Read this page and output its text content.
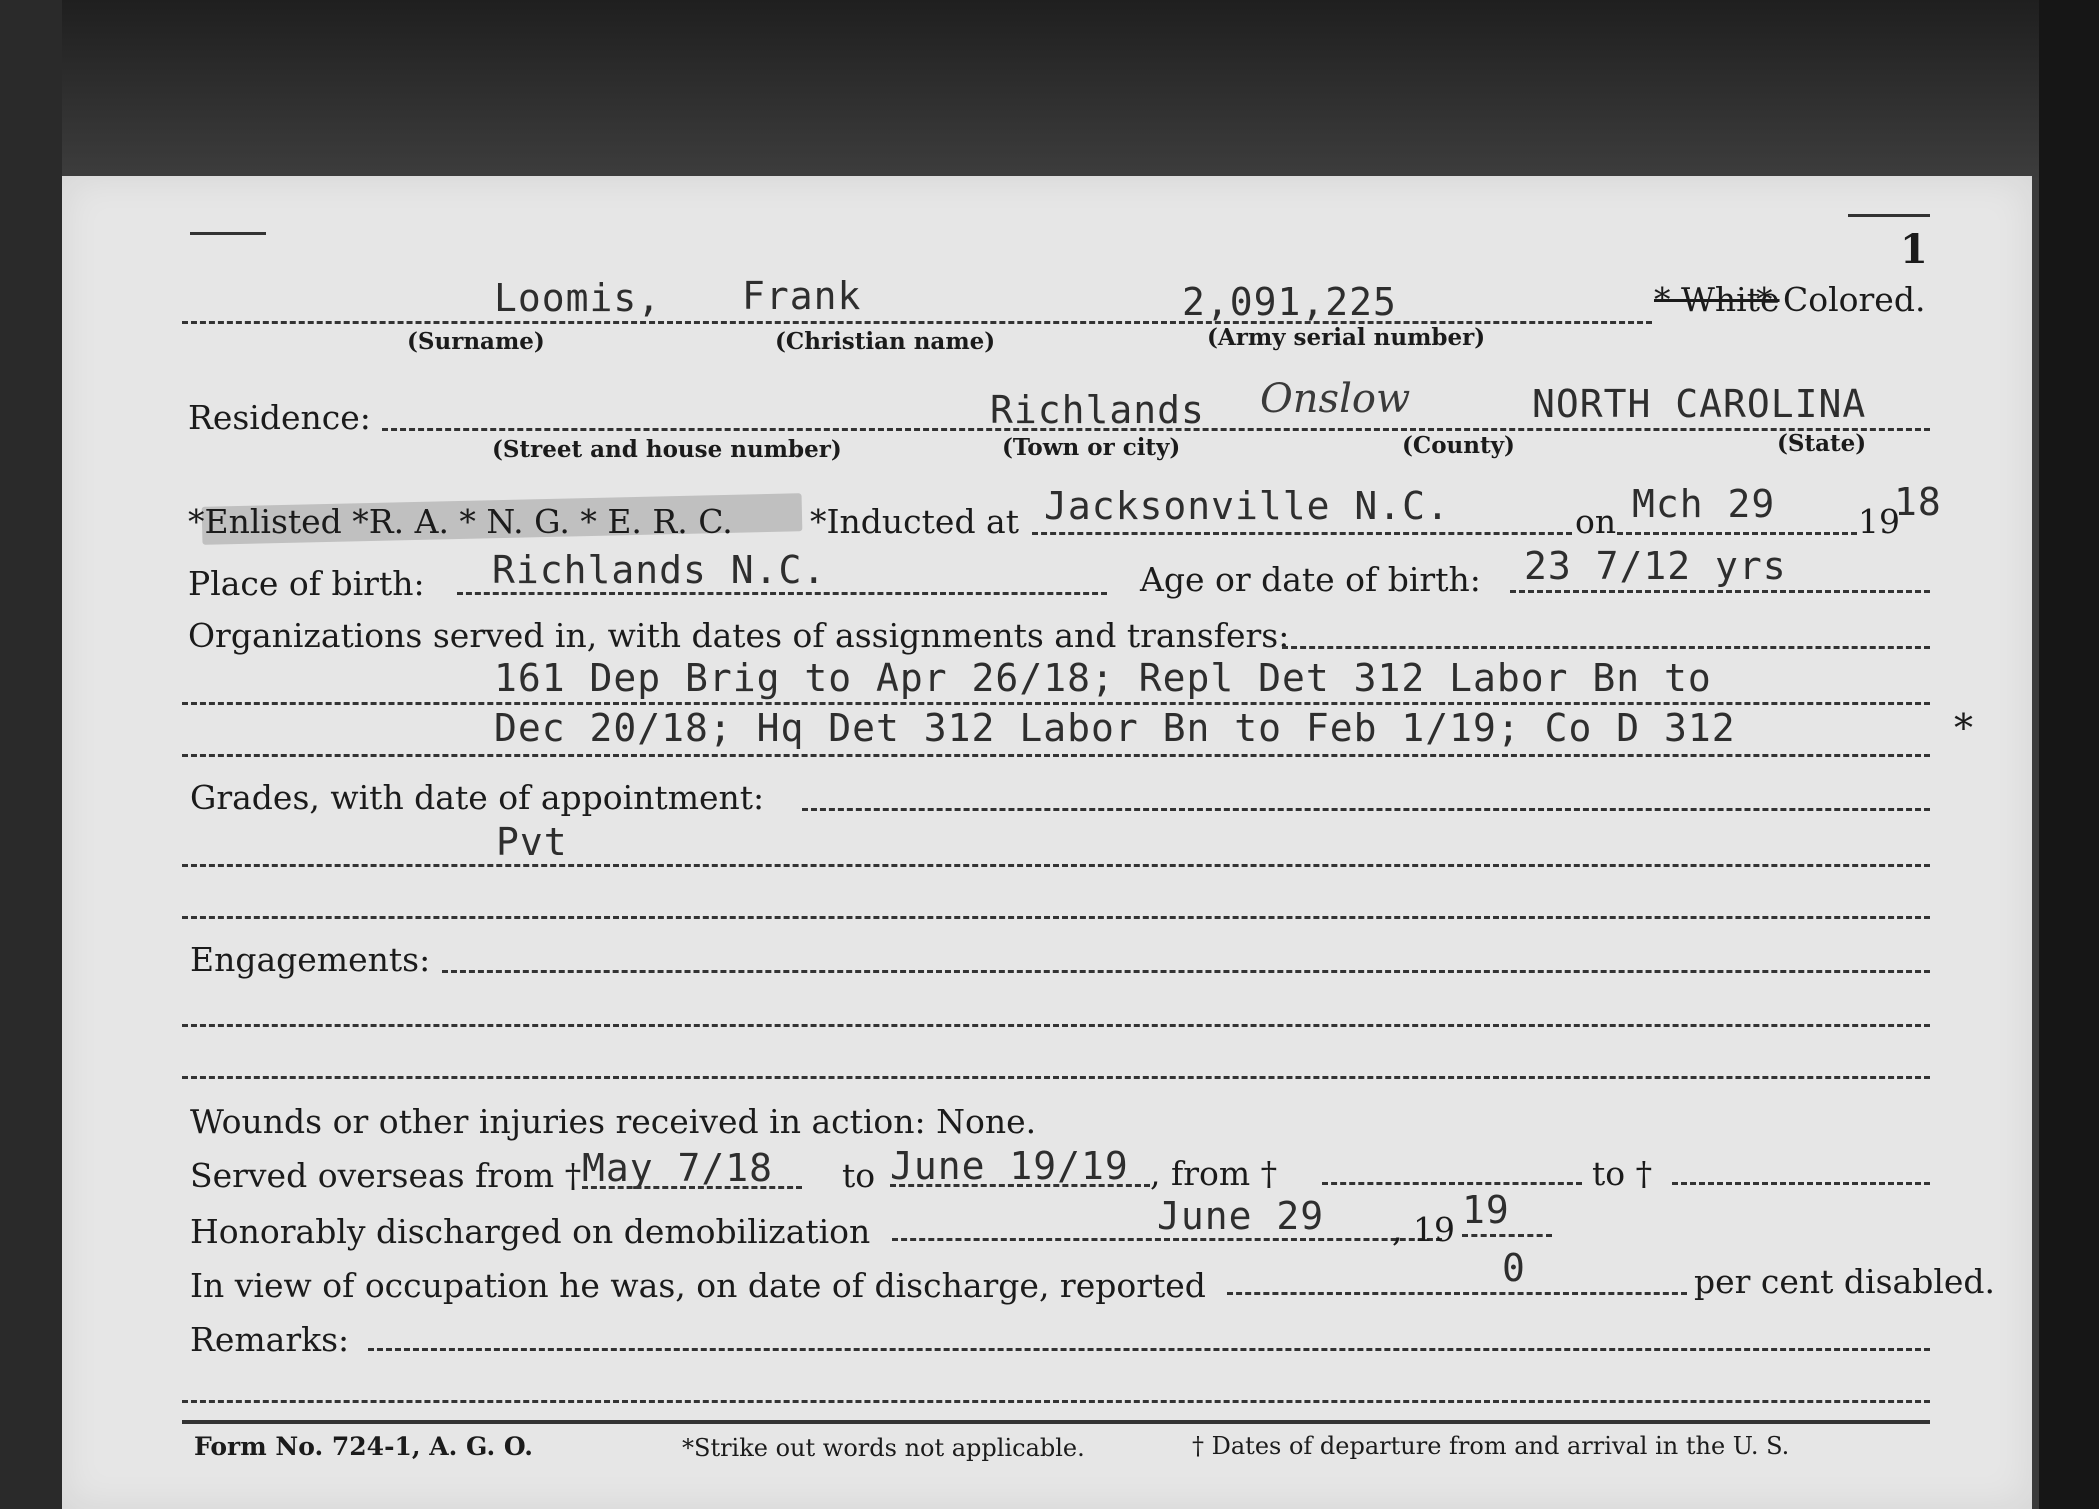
1
Loomis, Frank	2,091,225	* White
* Colored.
(Surname)	(Christian name)	(Army serial number)
Residence:	Richlands Onslow	NORTH CAROLINA
(Street and house number)	(Town or city)	(County)	(State)
*Enlisted *R. A. * N. G. * E. R. C. *Inducted at Jacksonville N.C.	on Mch 29	19
18
Place of birth: Richlands N.C.	Age or date of birth: 23 7/12 yrs
Organizations served in, with dates of assignments and transfers:
161 Dep Brig to Apr 26/18; Repl Det 312 Labor Bn to
Dec 20/18; Hq Det 312 Labor Bn to Feb 1/19; Co D 312	*
Grades, with date of appointment:
Pvt
Engagements:
Wounds or other injuries received in action: None.
Served overseas from † May 7/18 to June 19/19 , from †	to †
Honorably discharged on demobilization	June 29 , 19 19
In view of occupation he was, on date of discharge, reported	0	per cent disabled.
Remarks:
Form No. 724-1, A. G. O.	*Strike out words not applicable.	† Dates of departure from and arrival in the U. S.
